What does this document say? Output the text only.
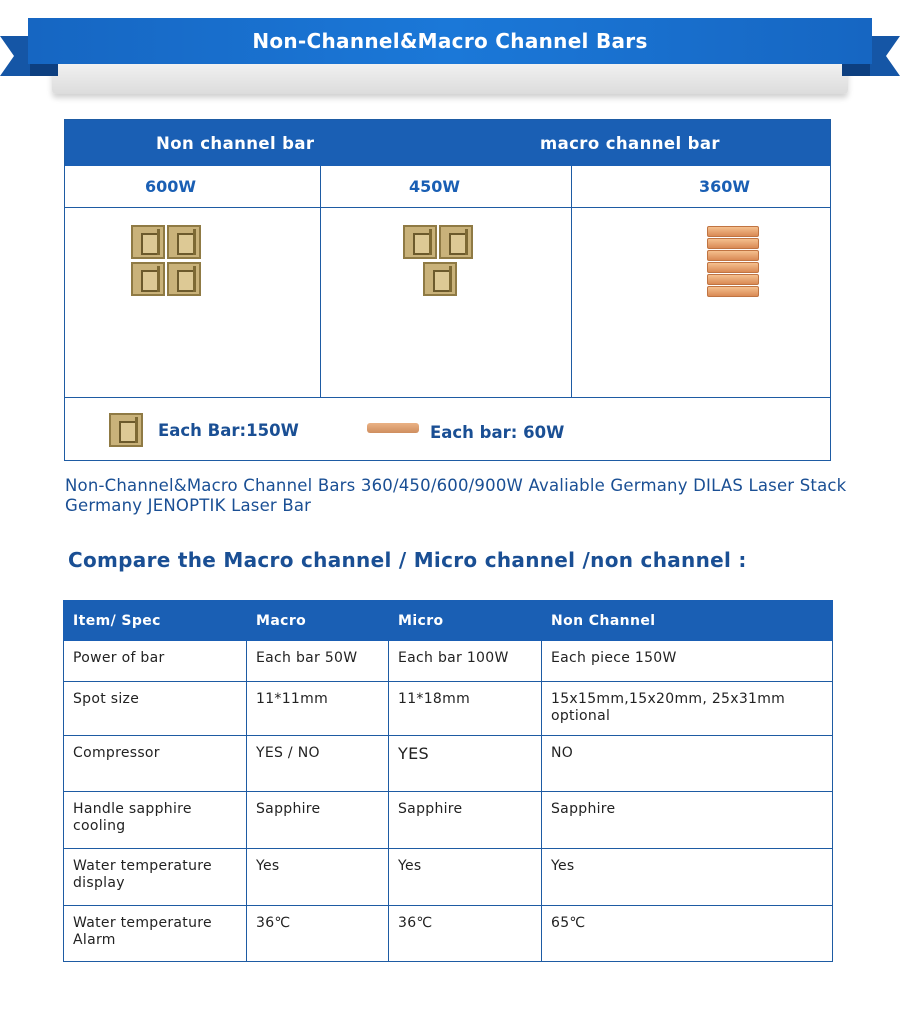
Non-Channel&Macro Channel Bars
Non channel bar	macro channel bar
600W	450W	360W
Each Bar:150W	Each bar: 60W
Non-Channel&Macro Channel Bars 360/450/600/900W Avaliable Germany DILAS Laser Stack Germany JENOPTIK Laser Bar
Compare the Macro channel / Micro channel /non channel :
Item/ Spec	Macro	Micro	Non Channel
Power of bar	Each bar 50W	Each bar 100W	Each piece 150W
Spot size	11*11mm	11*18mm	15x15mm,15x20mm, 25x31mm optional
Compressor	YES / NO	YES	NO
Handle sapphire cooling	Sapphire	Sapphire	Sapphire
Water temperature display	Yes	Yes	Yes
Water temperature Alarm	36℃	36℃	65℃
